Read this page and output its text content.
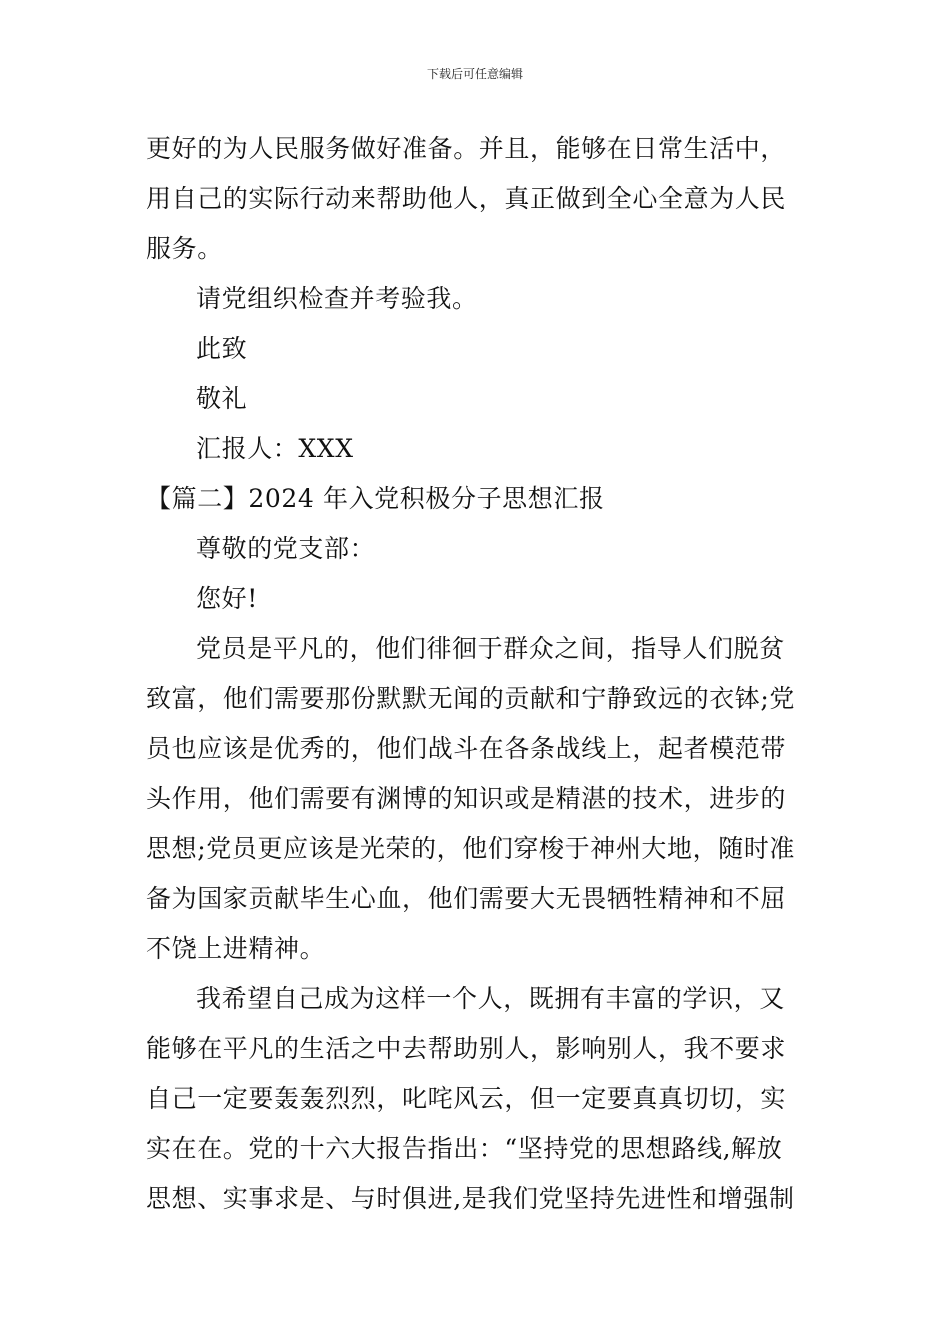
下载后可任意编辑
更好的为人民服务做好准备。并且，能够在日常生活中，
用自己的实际行动来帮助他人，真正做到全心全意为人民
服务。
请党组织检查并考验我。
此致
敬礼
汇报人：XXX
【篇二】2024 年入党积极分子思想汇报
尊敬的党支部：
您好!
党员是平凡的，他们徘徊于群众之间，指导人们脱贫
致富，他们需要那份默默无闻的贡献和宁静致远的衣钵;党
员也应该是优秀的，他们战斗在各条战线上，起者模范带
头作用，他们需要有渊博的知识或是精湛的技术，进步的
思想;党员更应该是光荣的，他们穿梭于神州大地，随时准
备为国家贡献毕生心血，他们需要大无畏牺牲精神和不屈
不饶上进精神。
我希望自己成为这样一个人，既拥有丰富的学识，又
能够在平凡的生活之中去帮助别人，影响别人，我不要求
自己一定要轰轰烈烈，叱咤风云，但一定要真真切切，实
实在在。党的十六大报告指出：“坚持党的思想路线,解放
思想、实事求是、与时俱进,是我们党坚持先进性和增强制
